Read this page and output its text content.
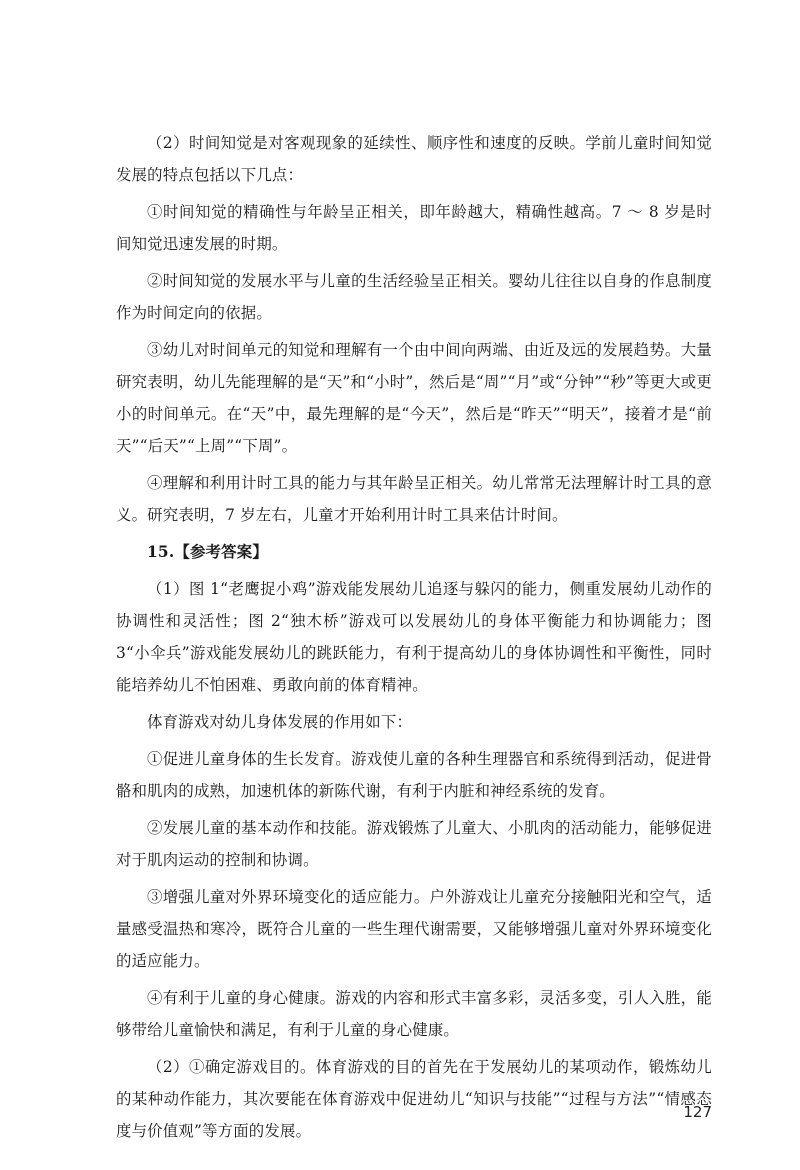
（2）时间知觉是对客观现象的延续性、顺序性和速度的反映。学前儿童时间知觉发展的特点包括以下几点：

①时间知觉的精确性与年龄呈正相关，即年龄越大，精确性越高。7 ～ 8 岁是时间知觉迅速发展的时期。

②时间知觉的发展水平与儿童的生活经验呈正相关。婴幼儿往往以自身的作息制度作为时间定向的依据。

③幼儿对时间单元的知觉和理解有一个由中间向两端、由近及远的发展趋势。大量研究表明，幼儿先能理解的是“天”和“小时”，然后是“周”“月”或“分钟”“秒”等更大或更小的时间单元。在“天”中，最先理解的是“今天”，然后是“昨天”“明天”，接着才是“前天”“后天”“上周”“下周”。

④理解和利用计时工具的能力与其年龄呈正相关。幼儿常常无法理解计时工具的意义。研究表明，7 岁左右，儿童才开始利用计时工具来估计时间。

15.【参考答案】

（1）图 1“老鹰捉小鸡”游戏能发展幼儿追逐与躲闪的能力，侧重发展幼儿动作的协调性和灵活性；图 2“独木桥”游戏可以发展幼儿的身体平衡能力和协调能力；图 3“小伞兵”游戏能发展幼儿的跳跃能力，有利于提高幼儿的身体协调性和平衡性，同时能培养幼儿不怕困难、勇敢向前的体育精神。

体育游戏对幼儿身体发展的作用如下：

①促进儿童身体的生长发育。游戏使儿童的各种生理器官和系统得到活动，促进骨骼和肌肉的成熟，加速机体的新陈代谢，有利于内脏和神经系统的发育。

②发展儿童的基本动作和技能。游戏锻炼了儿童大、小肌肉的活动能力，能够促进对于肌肉运动的控制和协调。

③增强儿童对外界环境变化的适应能力。户外游戏让儿童充分接触阳光和空气，适量感受温热和寒冷，既符合儿童的一些生理代谢需要，又能够增强儿童对外界环境变化的适应能力。

④有利于儿童的身心健康。游戏的内容和形式丰富多彩，灵活多变，引人入胜，能够带给儿童愉快和满足，有利于儿童的身心健康。

（2）①确定游戏目的。体育游戏的目的首先在于发展幼儿的某项动作，锻炼幼儿的某种动作能力，其次要能在体育游戏中促进幼儿“知识与技能”“过程与方法”“情感态度与价值观”等方面的发展。

127
